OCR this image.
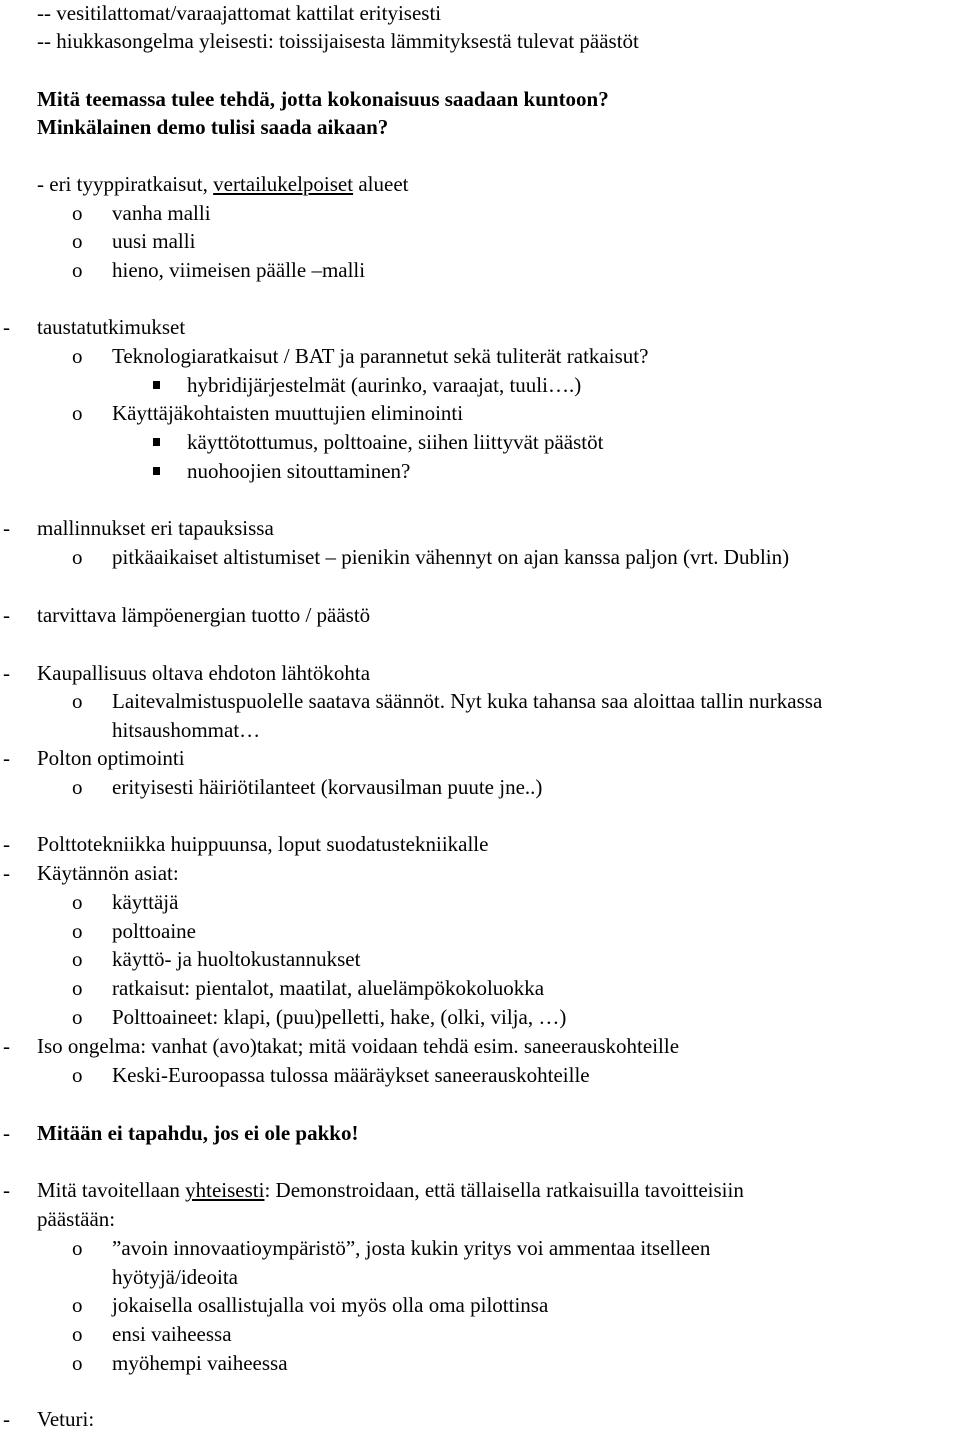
-- vesitilattomat/varaajattomat kattilat erityisesti
-- hiukkasongelma yleisesti: toissijaisesta lämmityksestä tulevat päästöt
Mitä teemassa tulee tehdä, jotta kokonaisuus saadaan kuntoon?
Minkälainen demo tulisi saada aikaan?
- eri tyyppiratkaisut, vertailukelpoiset alueet
o vanha malli
o uusi malli
o hieno, viimeisen päälle –malli
- taustatutkimukset
o Teknologiaratkaisut / BAT ja parannetut sekä tuliterät ratkaisut?
hybridijärjestelmät (aurinko, varaajat, tuuli….)
o Käyttäjäkohtaisten muuttujien eliminointi
käyttötottumus, polttoaine, siihen liittyvät päästöt
nuohoojien sitouttaminen?
- mallinnukset eri tapauksissa
o pitkäaikaiset altistumiset – pienikin vähennyt on ajan kanssa paljon (vrt. Dublin)
- tarvittava lämpöenergian tuotto / päästö
- Kaupallisuus oltava ehdoton lähtökohta
o Laitevalmistuspuolelle saatava säännöt. Nyt kuka tahansa saa aloittaa tallin nurkassa
hitsaushommat…
- Polton optimointi
o erityisesti häiriötilanteet (korvausilman puute jne..)
- Polttotekniikka huippuunsa, loput suodatustekniikalle
- Käytännön asiat:
o käyttäjä
o polttoaine
o käyttö- ja huoltokustannukset
o ratkaisut: pientalot, maatilat, aluelämpökokoluokka
o Polttoaineet: klapi, (puu)pelletti, hake, (olki, vilja, …)
- Iso ongelma: vanhat (avo)takat; mitä voidaan tehdä esim. saneerauskohteille
o Keski-Euroopassa tulossa määräykset saneerauskohteille
- Mitään ei tapahdu, jos ei ole pakko!
- Mitä tavoitellaan yhteisesti: Demonstroidaan, että tällaisella ratkaisuilla tavoitteisiin
päästään:
o ”avoin innovaatioympäristö”, josta kukin yritys voi ammentaa itselleen
hyötyjä/ideoita
o jokaisella osallistujalla voi myös olla oma pilottinsa
o ensi vaiheessa
o myöhempi vaiheessa
- Veturi:
